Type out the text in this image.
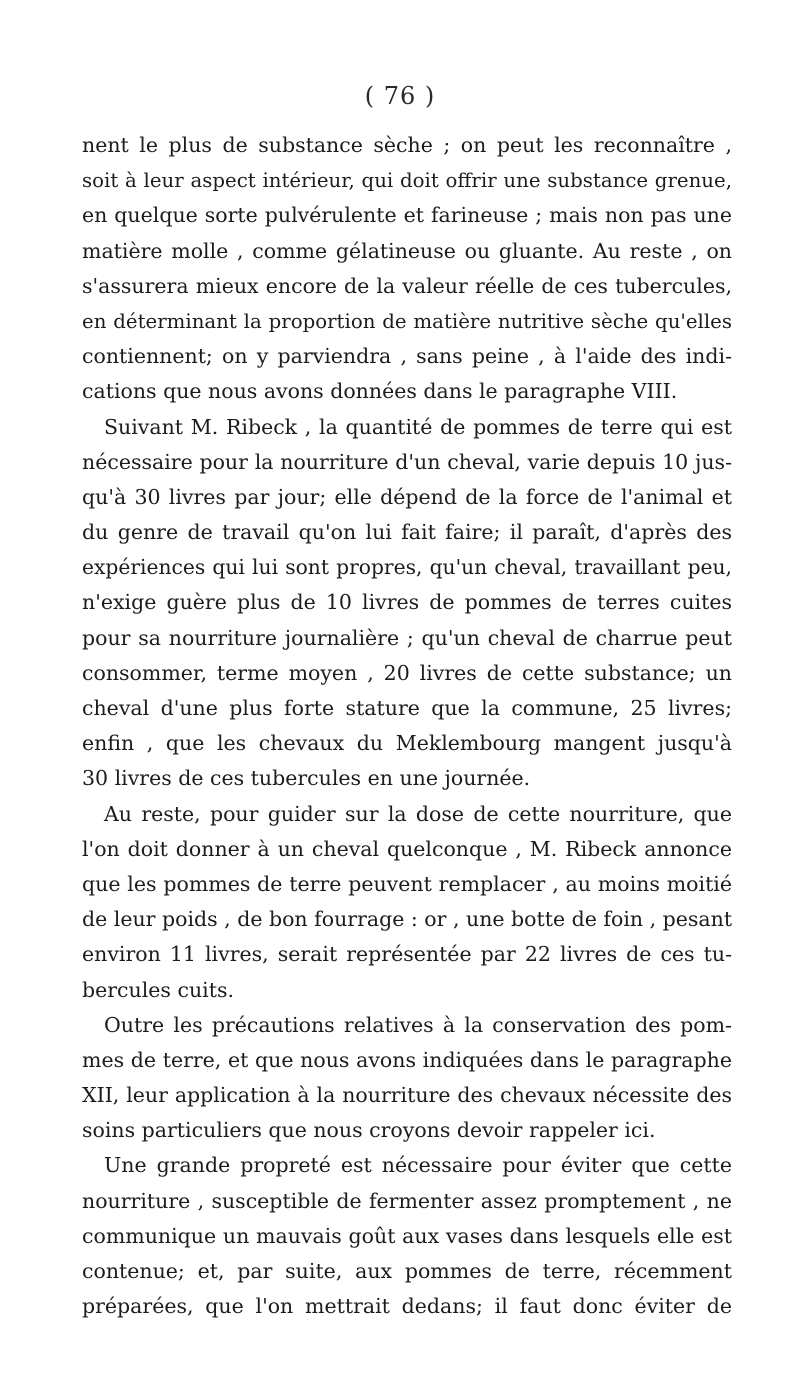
( 76 )
nent le plus de substance sèche ; on peut les reconnaître ,
soit à leur aspect intérieur, qui doit offrir une substance grenue,
en quelque sorte pulvérulente et farineuse ; mais non pas une
matière molle , comme gélatineuse ou gluante. Au reste , on
s'assurera mieux encore de la valeur réelle de ces tubercules,
en déterminant la proportion de matière nutritive sèche qu'elles
contiennent; on y parviendra , sans peine , à l'aide des indi-
cations que nous avons données dans le paragraphe VIII.
Suivant M. Ribeck , la quantité de pommes de terre qui est
nécessaire pour la nourriture d'un cheval, varie depuis 10 jus-
qu'à 30 livres par jour; elle dépend de la force de l'animal et
du genre de travail qu'on lui fait faire; il paraît, d'après des
expériences qui lui sont propres, qu'un cheval, travaillant peu,
n'exige guère plus de 10 livres de pommes de terres cuites
pour sa nourriture journalière ; qu'un cheval de charrue peut
consommer, terme moyen , 20 livres de cette substance; un
cheval d'une plus forte stature que la commune, 25 livres;
enfin , que les chevaux du Meklembourg mangent jusqu'à
30 livres de ces tubercules en une journée.
Au reste, pour guider sur la dose de cette nourriture, que
l'on doit donner à un cheval quelconque , M. Ribeck annonce
que les pommes de terre peuvent remplacer , au moins moitié
de leur poids , de bon fourrage : or , une botte de foin , pesant
environ 11 livres, serait représentée par 22 livres de ces tu-
bercules cuits.
Outre les précautions relatives à la conservation des pom-
mes de terre, et que nous avons indiquées dans le paragraphe
XII, leur application à la nourriture des chevaux nécessite des
soins particuliers que nous croyons devoir rappeler ici.
Une grande propreté est nécessaire pour éviter que cette
nourriture , susceptible de fermenter assez promptement , ne
communique un mauvais goût aux vases dans lesquels elle est
contenue; et, par suite, aux pommes de terre, récemment
préparées, que l'on mettrait dedans; il faut donc éviter de
